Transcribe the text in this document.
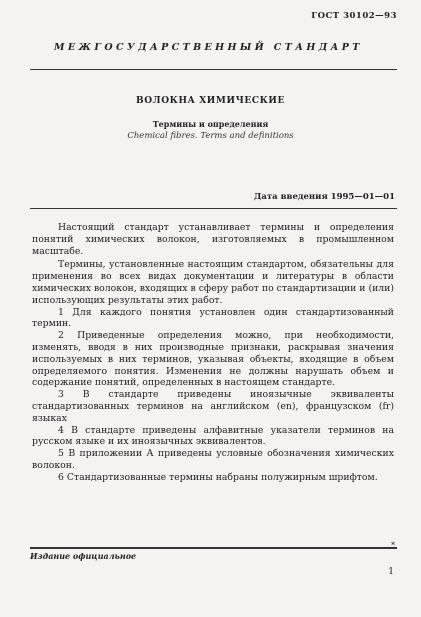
ГОСТ 30102—93
МЕЖГОСУДАРСТВЕННЫЙ СТАНДАРТ
ВОЛОКНА ХИМИЧЕСКИЕ
Термины и определения
Chemical fibres. Terms and definitions
Дата введения 1995—01—01

Настоящий стандарт устанавливает термины и определения понятий химических волокон, изготовляемых в промышленном масштабе.

Термины, установленные настоящим стандартом, обязательны для применения во всех видах документации и литературы в области химических волокон, входящих в сферу работ по стандартизации и (или) использующих результаты этих работ.

1 Для каждого понятия установлен один стандартизованный термин.

2 Приведенные определения можно, при необходимости, изменять, вводя в них производные признаки, раскрывая значения используемых в них терминов, указывая объекты, входящие в объем определяемого понятия. Изменения не должны нарушать объем и содержание понятий, определенных в настоящем стандарте.

3 В стандарте приведены иноязычные эквиваленты стандартизованных терминов на английском (en), французском (fr) языках

4 В стандарте приведены алфавитные указатели терминов на русском языке и их иноязычных эквивалентов.

5 В приложении А приведены условные обозначения химических волокон.

6 Стандартизованные термины набраны полужирным шрифтом.

*
Издание официальное
1
